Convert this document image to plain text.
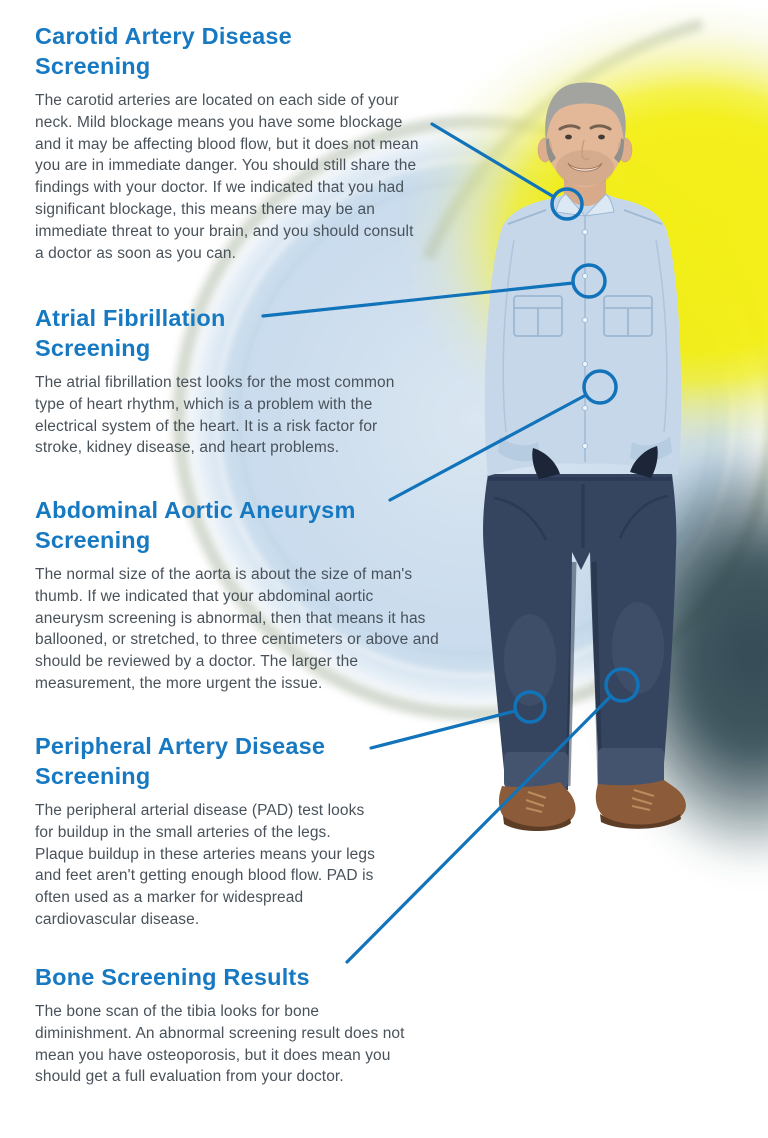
Carotid Artery Disease
Screening

The carotid arteries are located on each side of your neck. Mild blockage means you have some blockage and it may be affecting blood flow, but it does not mean you are in immediate danger. You should still share the findings with your doctor. If we indicated that you had significant blockage, this means there may be an immediate threat to your brain, and you should consult a doctor as soon as you can.

Atrial Fibrillation
Screening

The atrial fibrillation test looks for the most common type of heart rhythm, which is a problem with the electrical system of the heart. It is a risk factor for stroke, kidney disease, and heart problems.

Abdominal Aortic Aneurysm
Screening

The normal size of the aorta is about the size of man's thumb. If we indicated that your abdominal aortic aneurysm screening is abnormal, then that means it has ballooned, or stretched, to three centimeters or above and should be reviewed by a doctor. The larger the measurement, the more urgent the issue.

Peripheral Artery Disease
Screening

The peripheral arterial disease (PAD) test looks for buildup in the small arteries of the legs. Plaque buildup in these arteries means your legs and feet aren't getting enough blood flow. PAD is often used as a marker for widespread cardiovascular disease.

Bone Screening Results

The bone scan of the tibia looks for bone diminishment. An abnormal screening result does not mean you have osteoporosis, but it does mean you should get a full evaluation from your doctor.
